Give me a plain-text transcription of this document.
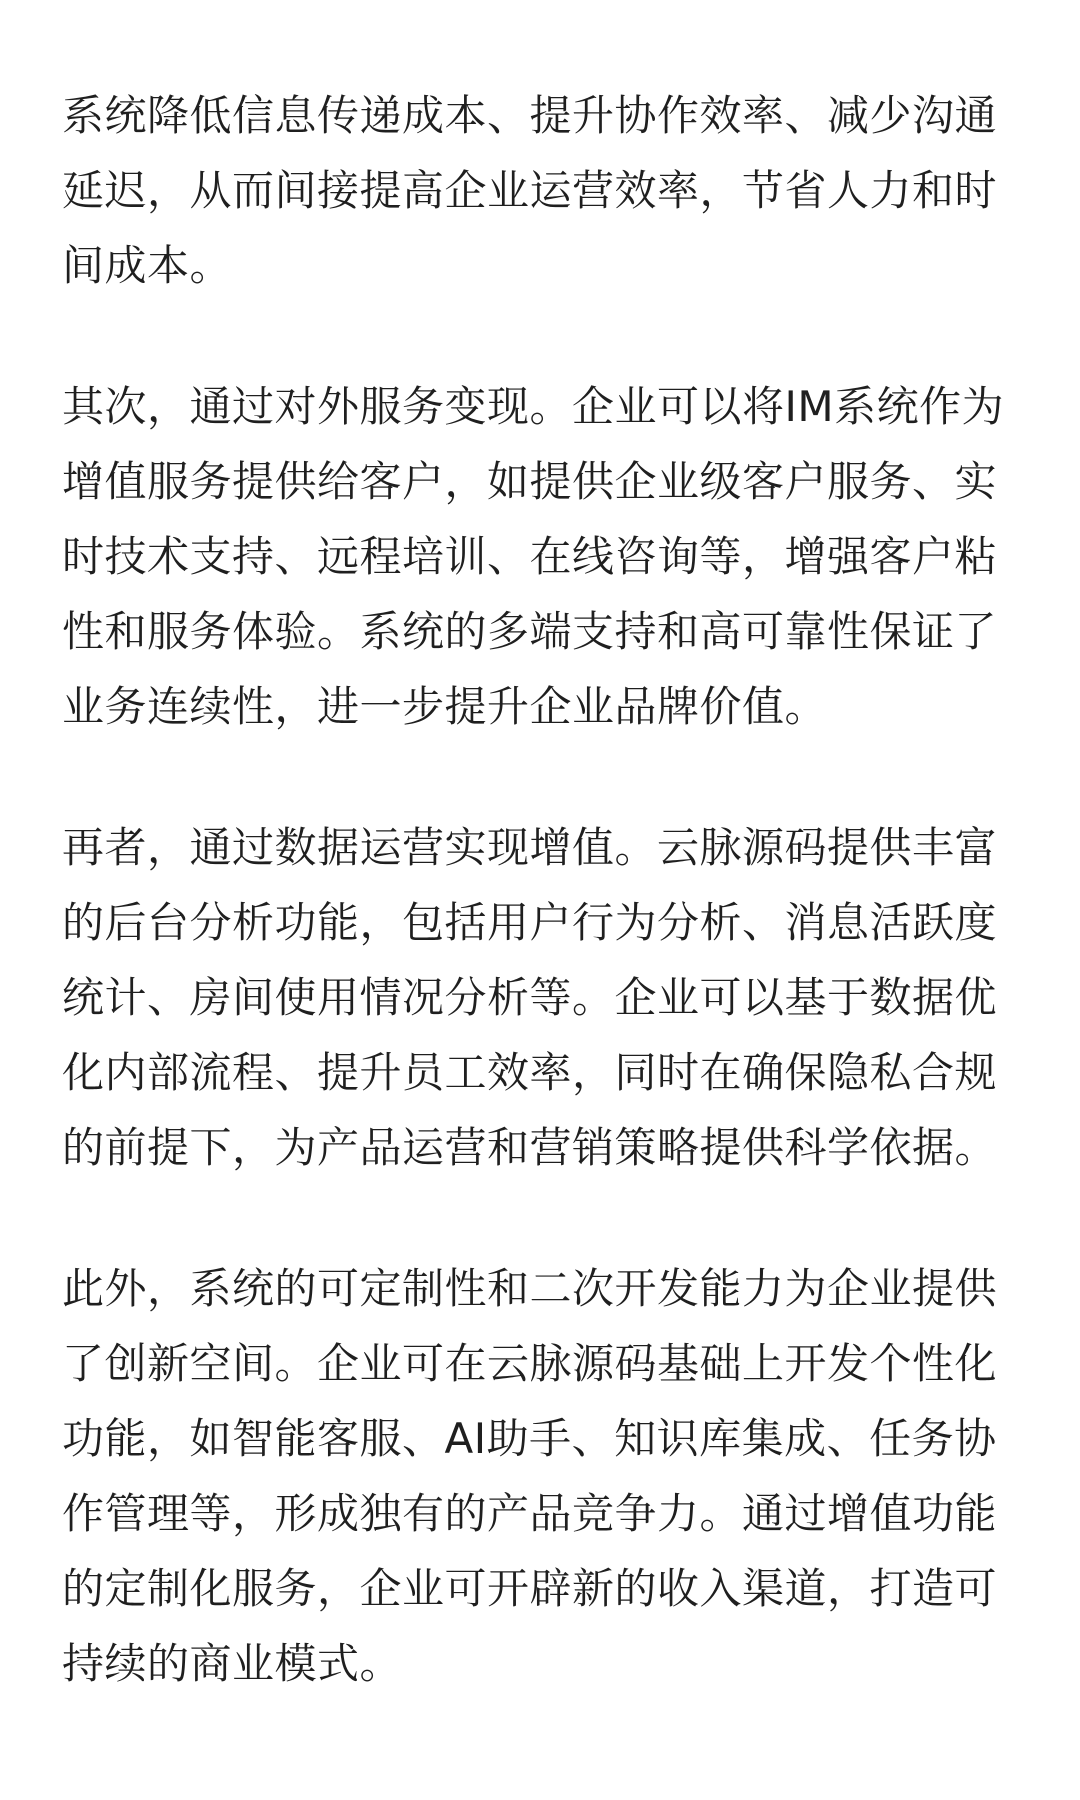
系统降低信息传递成本、提升协作效率、减少沟通
延迟，从而间接提高企业运营效率，节省人力和时
间成本。

其次，通过对外服务变现。企业可以将IM系统作为
增值服务提供给客户，如提供企业级客户服务、实
时技术支持、远程培训、在线咨询等，增强客户粘
性和服务体验。系统的多端支持和高可靠性保证了
业务连续性，进一步提升企业品牌价值。

再者，通过数据运营实现增值。云脉源码提供丰富
的后台分析功能，包括用户行为分析、消息活跃度
统计、房间使用情况分析等。企业可以基于数据优
化内部流程、提升员工效率，同时在确保隐私合规
的前提下，为产品运营和营销策略提供科学依据。

此外，系统的可定制性和二次开发能力为企业提供
了创新空间。企业可在云脉源码基础上开发个性化
功能，如智能客服、AI助手、知识库集成、任务协
作管理等，形成独有的产品竞争力。通过增值功能
的定制化服务，企业可开辟新的收入渠道，打造可
持续的商业模式。
